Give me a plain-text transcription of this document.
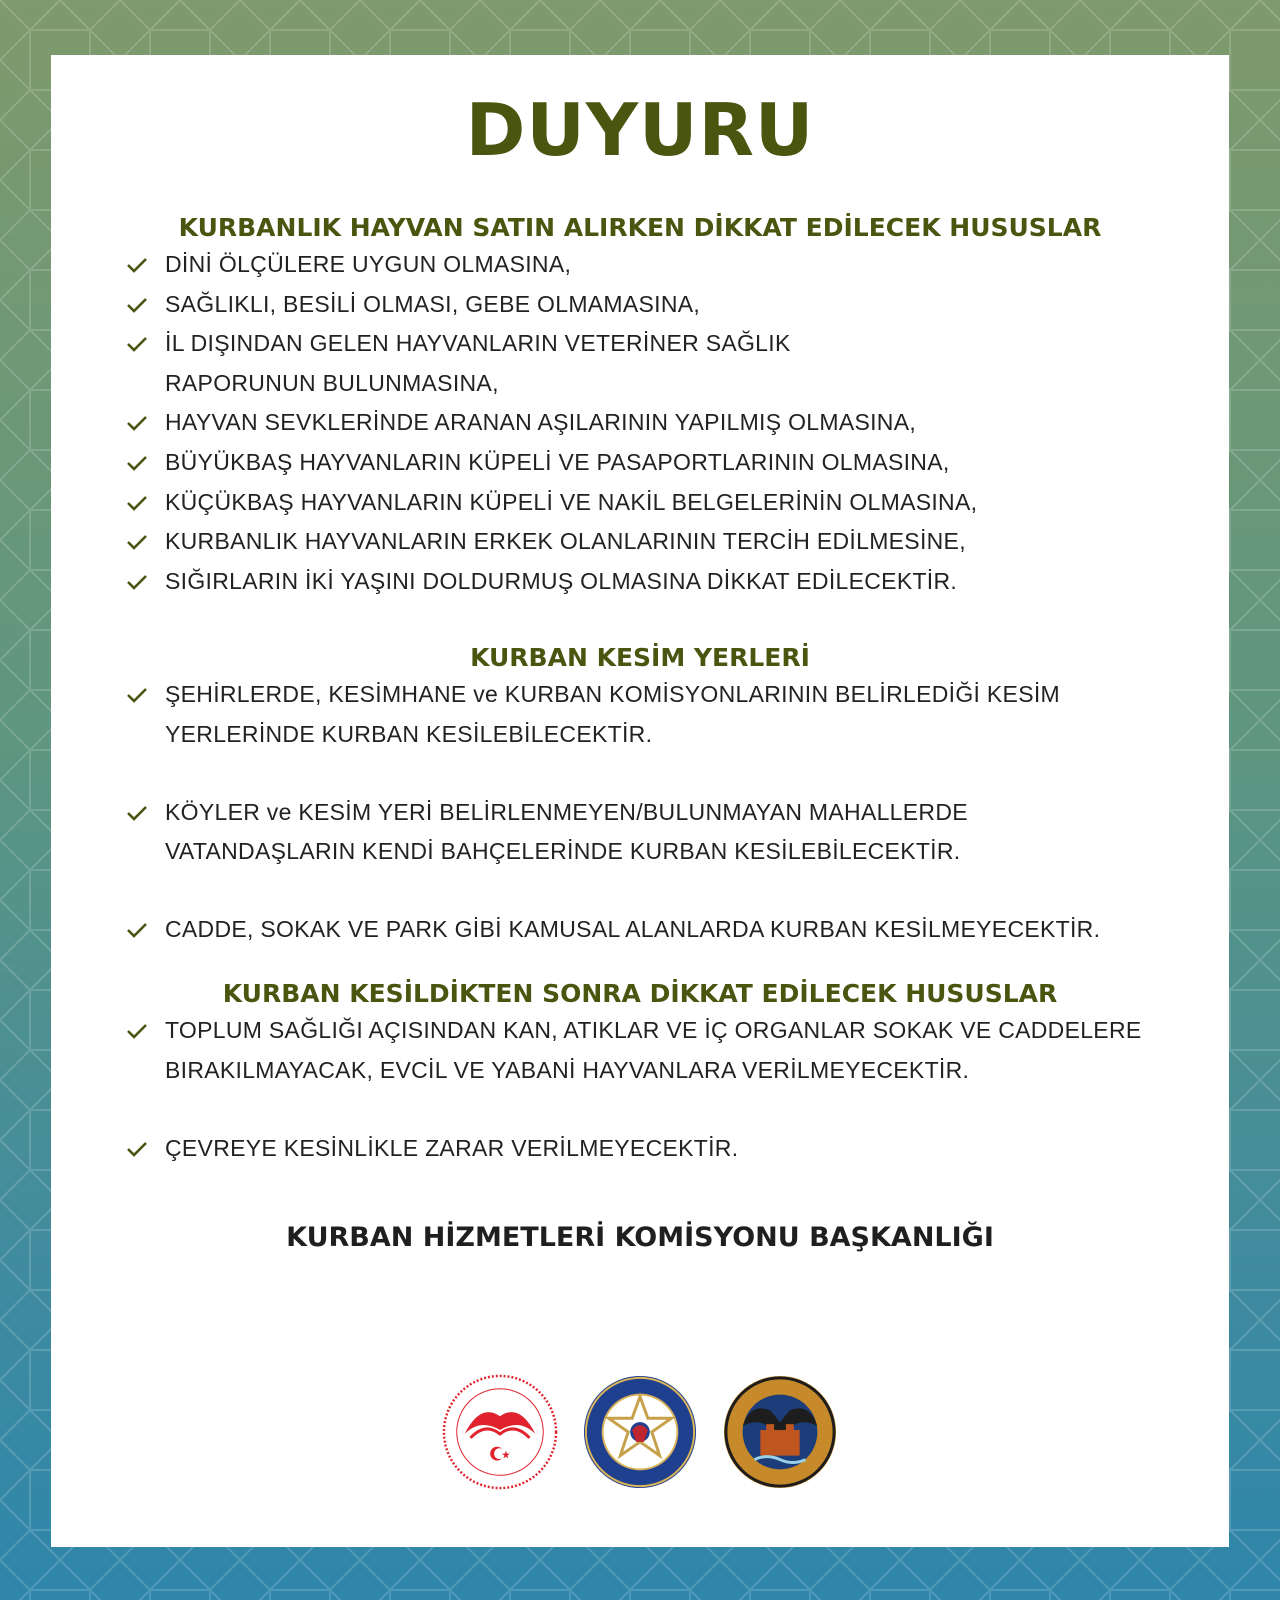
DUYURU
KURBANLIK HAYVAN SATIN ALIRKEN DİKKAT EDİLECEK HUSUSLAR
DİNİ ÖLÇÜLERE UYGUN OLMASINA,
SAĞLIKLI, BESİLİ OLMASI, GEBE OLMAMASINA,
İL DIŞINDAN GELEN HAYVANLARIN VETERİNER SAĞLIK RAPORUNUN BULUNMASINA,
HAYVAN SEVKLERİNDE ARANAN AŞILARININ YAPILMIŞ OLMASINA,
BÜYÜKBAŞ HAYVANLARIN KÜPELİ VE PASAPORTLARININ OLMASINA,
KÜÇÜKBAŞ HAYVANLARIN KÜPELİ VE NAKİL BELGELERİNİN OLMASINA,
KURBANLIK HAYVANLARIN ERKEK OLANLARININ TERCİH EDİLMESİNE,
SIĞIRLARIN İKİ YAŞINI DOLDURMUŞ OLMASINA DİKKAT EDİLECEKTİR.
KURBAN KESİM YERLERİ
ŞEHİRLERDE, KESİMHANE ve KURBAN KOMİSYONLARININ BELİRLEDİĞİ KESİM YERLERİNDE KURBAN KESİLEBİLECEKTİR.
KÖYLER ve KESİM YERİ BELİRLENMEYEN/BULUNMAYAN MAHALLERDE VATANDAŞLARIN KENDİ BAHÇELERİNDE KURBAN KESİLEBİLECEKTİR.
CADDE, SOKAK VE PARK GİBİ KAMUSAL ALANLARDA KURBAN KESİLMEYECEKTİR.
KURBAN KESİLDİKTEN SONRA DİKKAT EDİLECEK HUSUSLAR
TOPLUM SAĞLIĞI AÇISINDAN KAN, ATIKLAR VE İÇ ORGANLAR SOKAK VE CADDELERE BIRAKILMAYACAK, EVCİL VE YABANİ HAYVANLARA VERİLMEYECEKTİR.
ÇEVREYE KESİNLİKLE ZARAR VERİLMEYECEKTİR.

KURBAN HİZMETLERİ KOMİSYONU BAŞKANLIĞI
